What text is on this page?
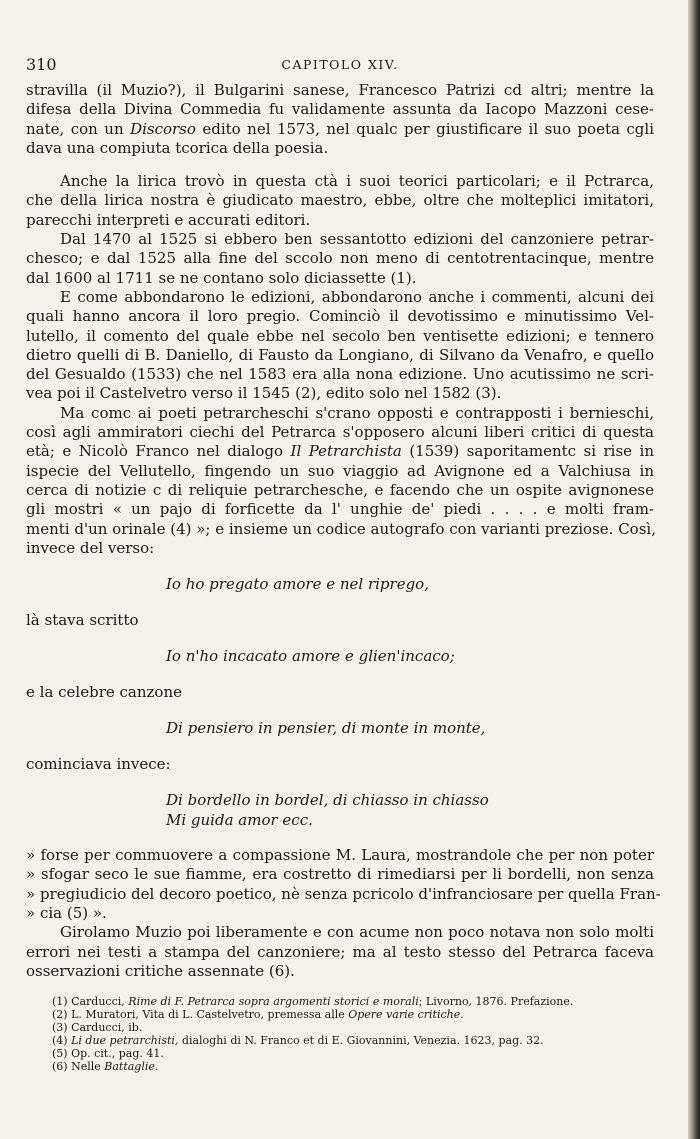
310	CAPITOLO XIV.
stravilla (il Muzio?), il Bulgarini sanese, Francesco Patrizi cd altri; mentre la
difesa della Divina Commedia fu validamente assunta da Iacopo Mazzoni cese-
nate, con un Discorso edito nel 1573, nel qualc per giustificare il suo poeta cgli
dava una compiuta tcorica della poesia.
Anche la lirica trovò in questa ctà i suoi teorici particolari; e il Pctrarca,
che della lirica nostra è giudicato maestro, ebbe, oltre che molteplici imitatori,
parecchi interpreti e accurati editori.
Dal 1470 al 1525 si ebbero ben sessantotto edizioni del canzoniere petrar-
chesco; e dal 1525 alla fine del sccolo non meno di centotrentacinque, mentre
dal 1600 al 1711 se ne contano solo diciassette (1).
E come abbondarono le edizioni, abbondarono anche i commenti, alcuni dei
quali hanno ancora il loro pregio. Cominciò il devotissimo e minutissimo Vel-
lutello, il comento del quale ebbe nel secolo ben ventisette edizioni; e tennero
dietro quelli di B. Daniello, di Fausto da Longiano, di Silvano da Venafro, e quello
del Gesualdo (1533) che nel 1583 era alla nona edizione. Uno acutissimo ne scri-
vea poi il Castelvetro verso il 1545 (2), edito solo nel 1582 (3).
Ma comc ai poeti petrarcheschi s'crano opposti e contrapposti i bernieschi,
così agli ammiratori ciechi del Petrarca s'opposero alcuni liberi critici di questa
età; e Nicolò Franco nel dialogo Il Petrarchista (1539) saporitamentc si rise in
ispecie del Vellutello, fingendo un suo viaggio ad Avignone ed a Valchiusa in
cerca di notizie c di reliquie petrarchesche, e facendo che un ospite avignonese
gli mostri « un pajo di forficette da l' unghie de' piedi . . . . e molti fram-
menti d'un orinale (4) »; e insieme un codice autografo con varianti preziose. Così,
invece del verso:
Io ho pregato amore e nel riprego,
là stava scritto
Io n'ho incacato amore e glien'incaco;
e la celebre canzone
Di pensiero in pensier, di monte in monte,
cominciava invece:
Di bordello in bordel, di chiasso in chiasso
Mi guida amor ecc.
» forse per commuovere a compassione M. Laura, mostrandole che per non poter
» sfogar seco le sue fiamme, era costretto di rimediarsi per li bordelli, non senza
» pregiudicio del decoro poetico, nè senza pcricolo d'infranciosare per quella Fran-
» cia (5) ».
Girolamo Muzio poi liberamente e con acume non poco notava non solo molti
errori nei testi a stampa del canzoniere; ma al testo stesso del Petrarca faceva
osservazioni critiche assennate (6).
(1) Carducci, Rime di F. Petrarca sopra argomenti storici e morali; Livorno, 1876. Prefazione.
(2) L. Muratori, Vita di L. Castelvetro, premessa alle Opere varie critiche.
(3) Carducci, ib.
(4) Li due petrarchisti, dialoghi di N. Franco et di E. Giovannini, Venezia. 1623, pag. 32.
(5) Op. cit., pag. 41.
(6) Nelle Battaglie.
